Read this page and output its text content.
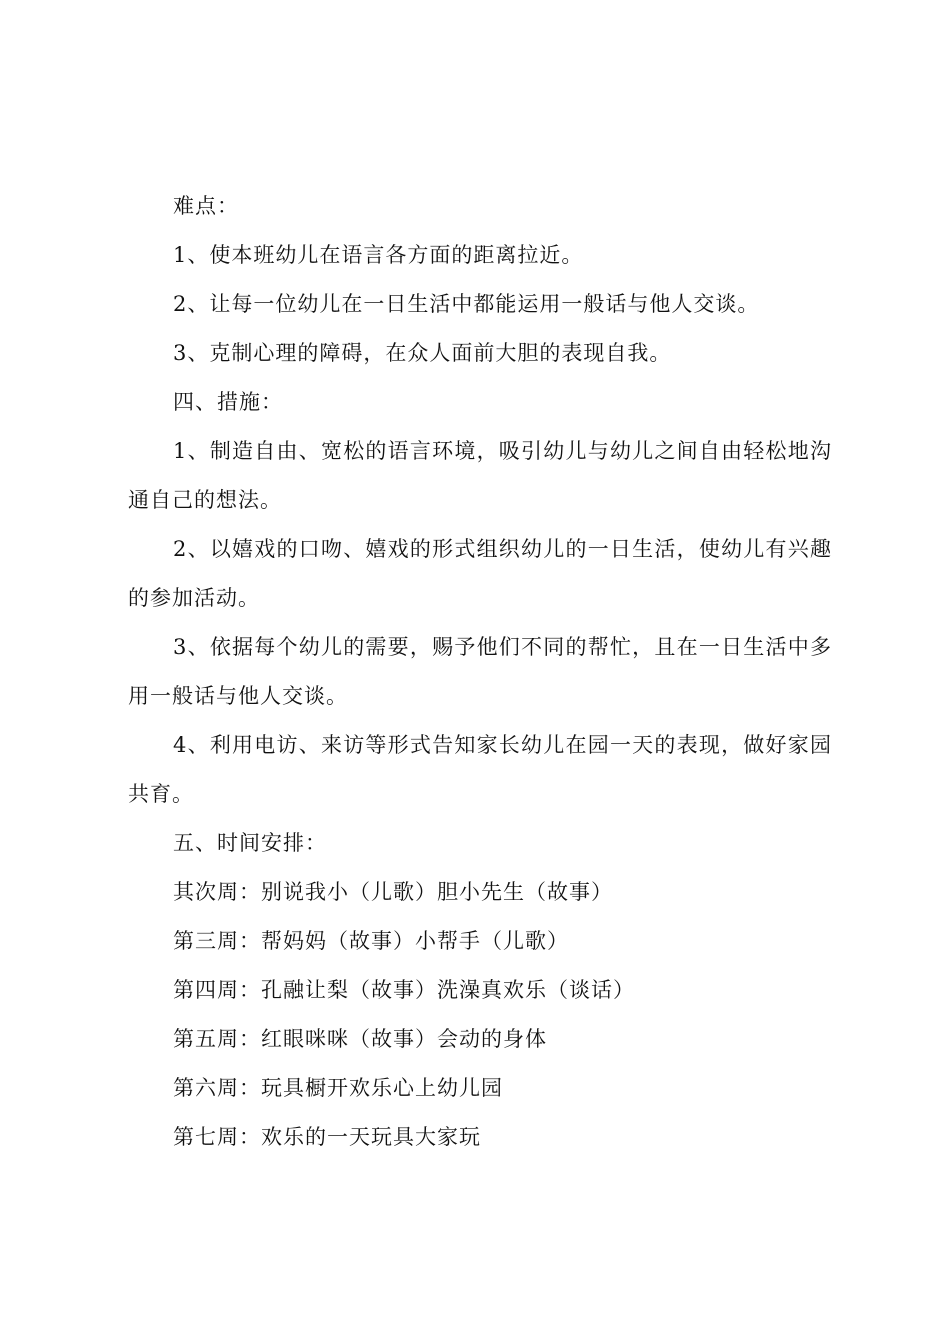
难点：
1、使本班幼儿在语言各方面的距离拉近。
2、让每一位幼儿在一日生活中都能运用一般话与他人交谈。
3、克制心理的障碍，在众人面前大胆的表现自我。
四、措施：
1、制造自由、宽松的语言环境，吸引幼儿与幼儿之间自由轻松地沟通自己的想法。
2、以嬉戏的口吻、嬉戏的形式组织幼儿的一日生活，使幼儿有兴趣的参加活动。
3、依据每个幼儿的需要，赐予他们不同的帮忙，且在一日生活中多用一般话与他人交谈。
4、利用电访、来访等形式告知家长幼儿在园一天的表现，做好家园共育。
五、时间安排：
其次周：别说我小（儿歌）胆小先生（故事）
第三周：帮妈妈（故事）小帮手（儿歌）
第四周：孔融让梨（故事）洗澡真欢乐（谈话）
第五周：红眼咪咪（故事）会动的身体
第六周：玩具橱开欢乐心上幼儿园
第七周：欢乐的一天玩具大家玩
